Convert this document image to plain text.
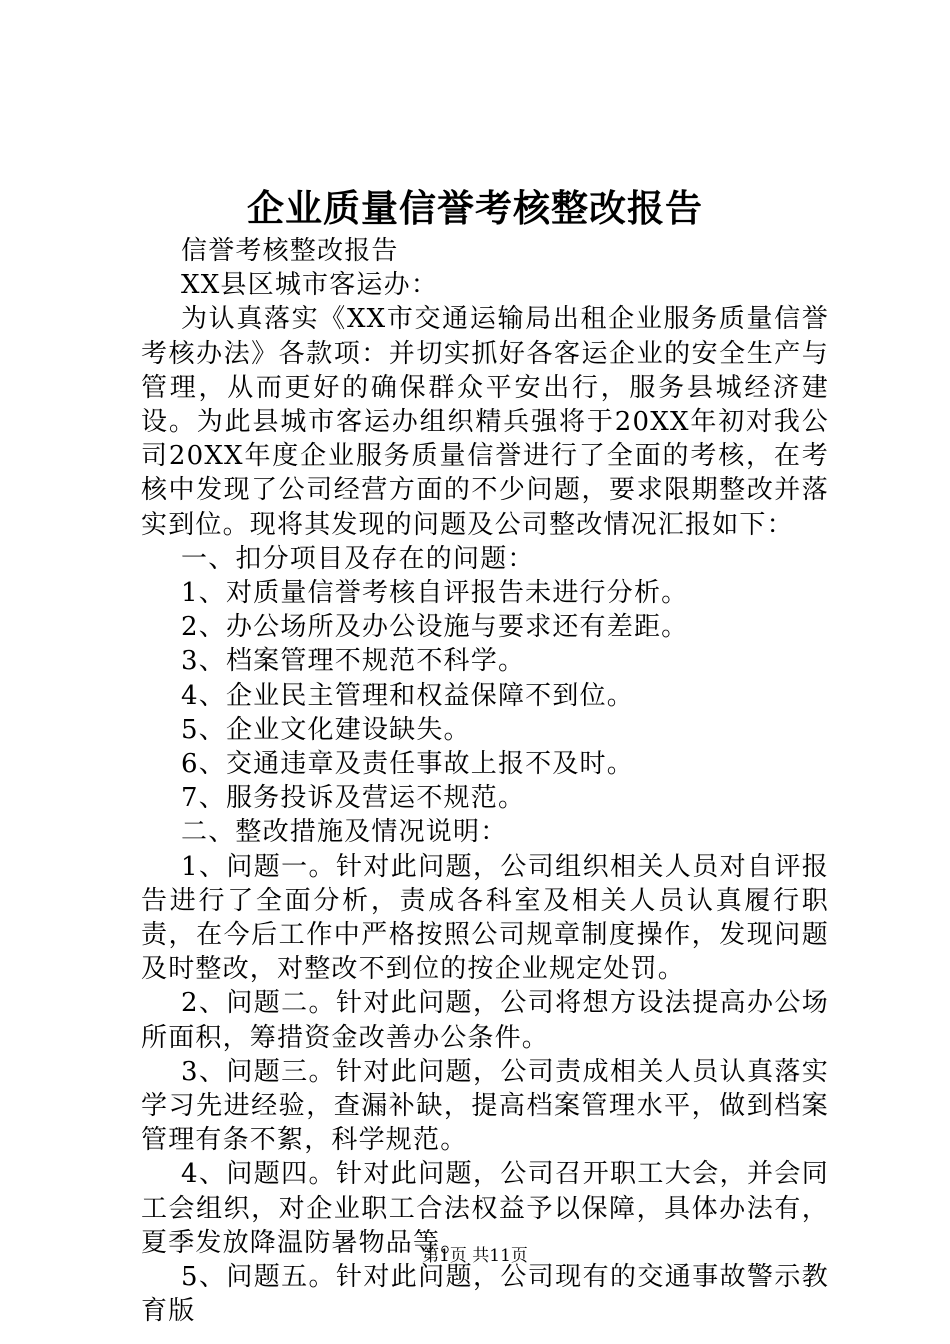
企业质量信誉考核整改报告

信誉考核整改报告

XX县区城市客运办：

为认真落实《XX市交通运输局出租企业服务质量信誉考核办法》各款项：并切实抓好各客运企业的安全生产与管理，从而更好的确保群众平安出行，服务县城经济建设。为此县城市客运办组织精兵强将于20XX年初对我公司20XX年度企业服务质量信誉进行了全面的考核，在考核中发现了公司经营方面的不少问题，要求限期整改并落实到位。现将其发现的问题及公司整改情况汇报如下：

一、扣分项目及存在的问题：

1、对质量信誉考核自评报告未进行分析。

2、办公场所及办公设施与要求还有差距。

3、档案管理不规范不科学。

4、企业民主管理和权益保障不到位。

5、企业文化建设缺失。

6、交通违章及责任事故上报不及时。

7、服务投诉及营运不规范。

二、整改措施及情况说明：

1、问题一。针对此问题，公司组织相关人员对自评报告进行了全面分析，责成各科室及相关人员认真履行职责，在今后工作中严格按照公司规章制度操作，发现问题及时整改，对整改不到位的按企业规定处罚。

2、问题二。针对此问题，公司将想方设法提高办公场所面积，筹措资金改善办公条件。

3、问题三。针对此问题，公司责成相关人员认真落实学习先进经验，查漏补缺，提高档案管理水平，做到档案管理有条不絮，科学规范。

4、问题四。针对此问题，公司召开职工大会，并会同工会组织，对企业职工合法权益予以保障，具体办法有，夏季发放降温防暑物品等。

5、问题五。针对此问题，公司现有的交通事故警示教育版

第1页 共11页
